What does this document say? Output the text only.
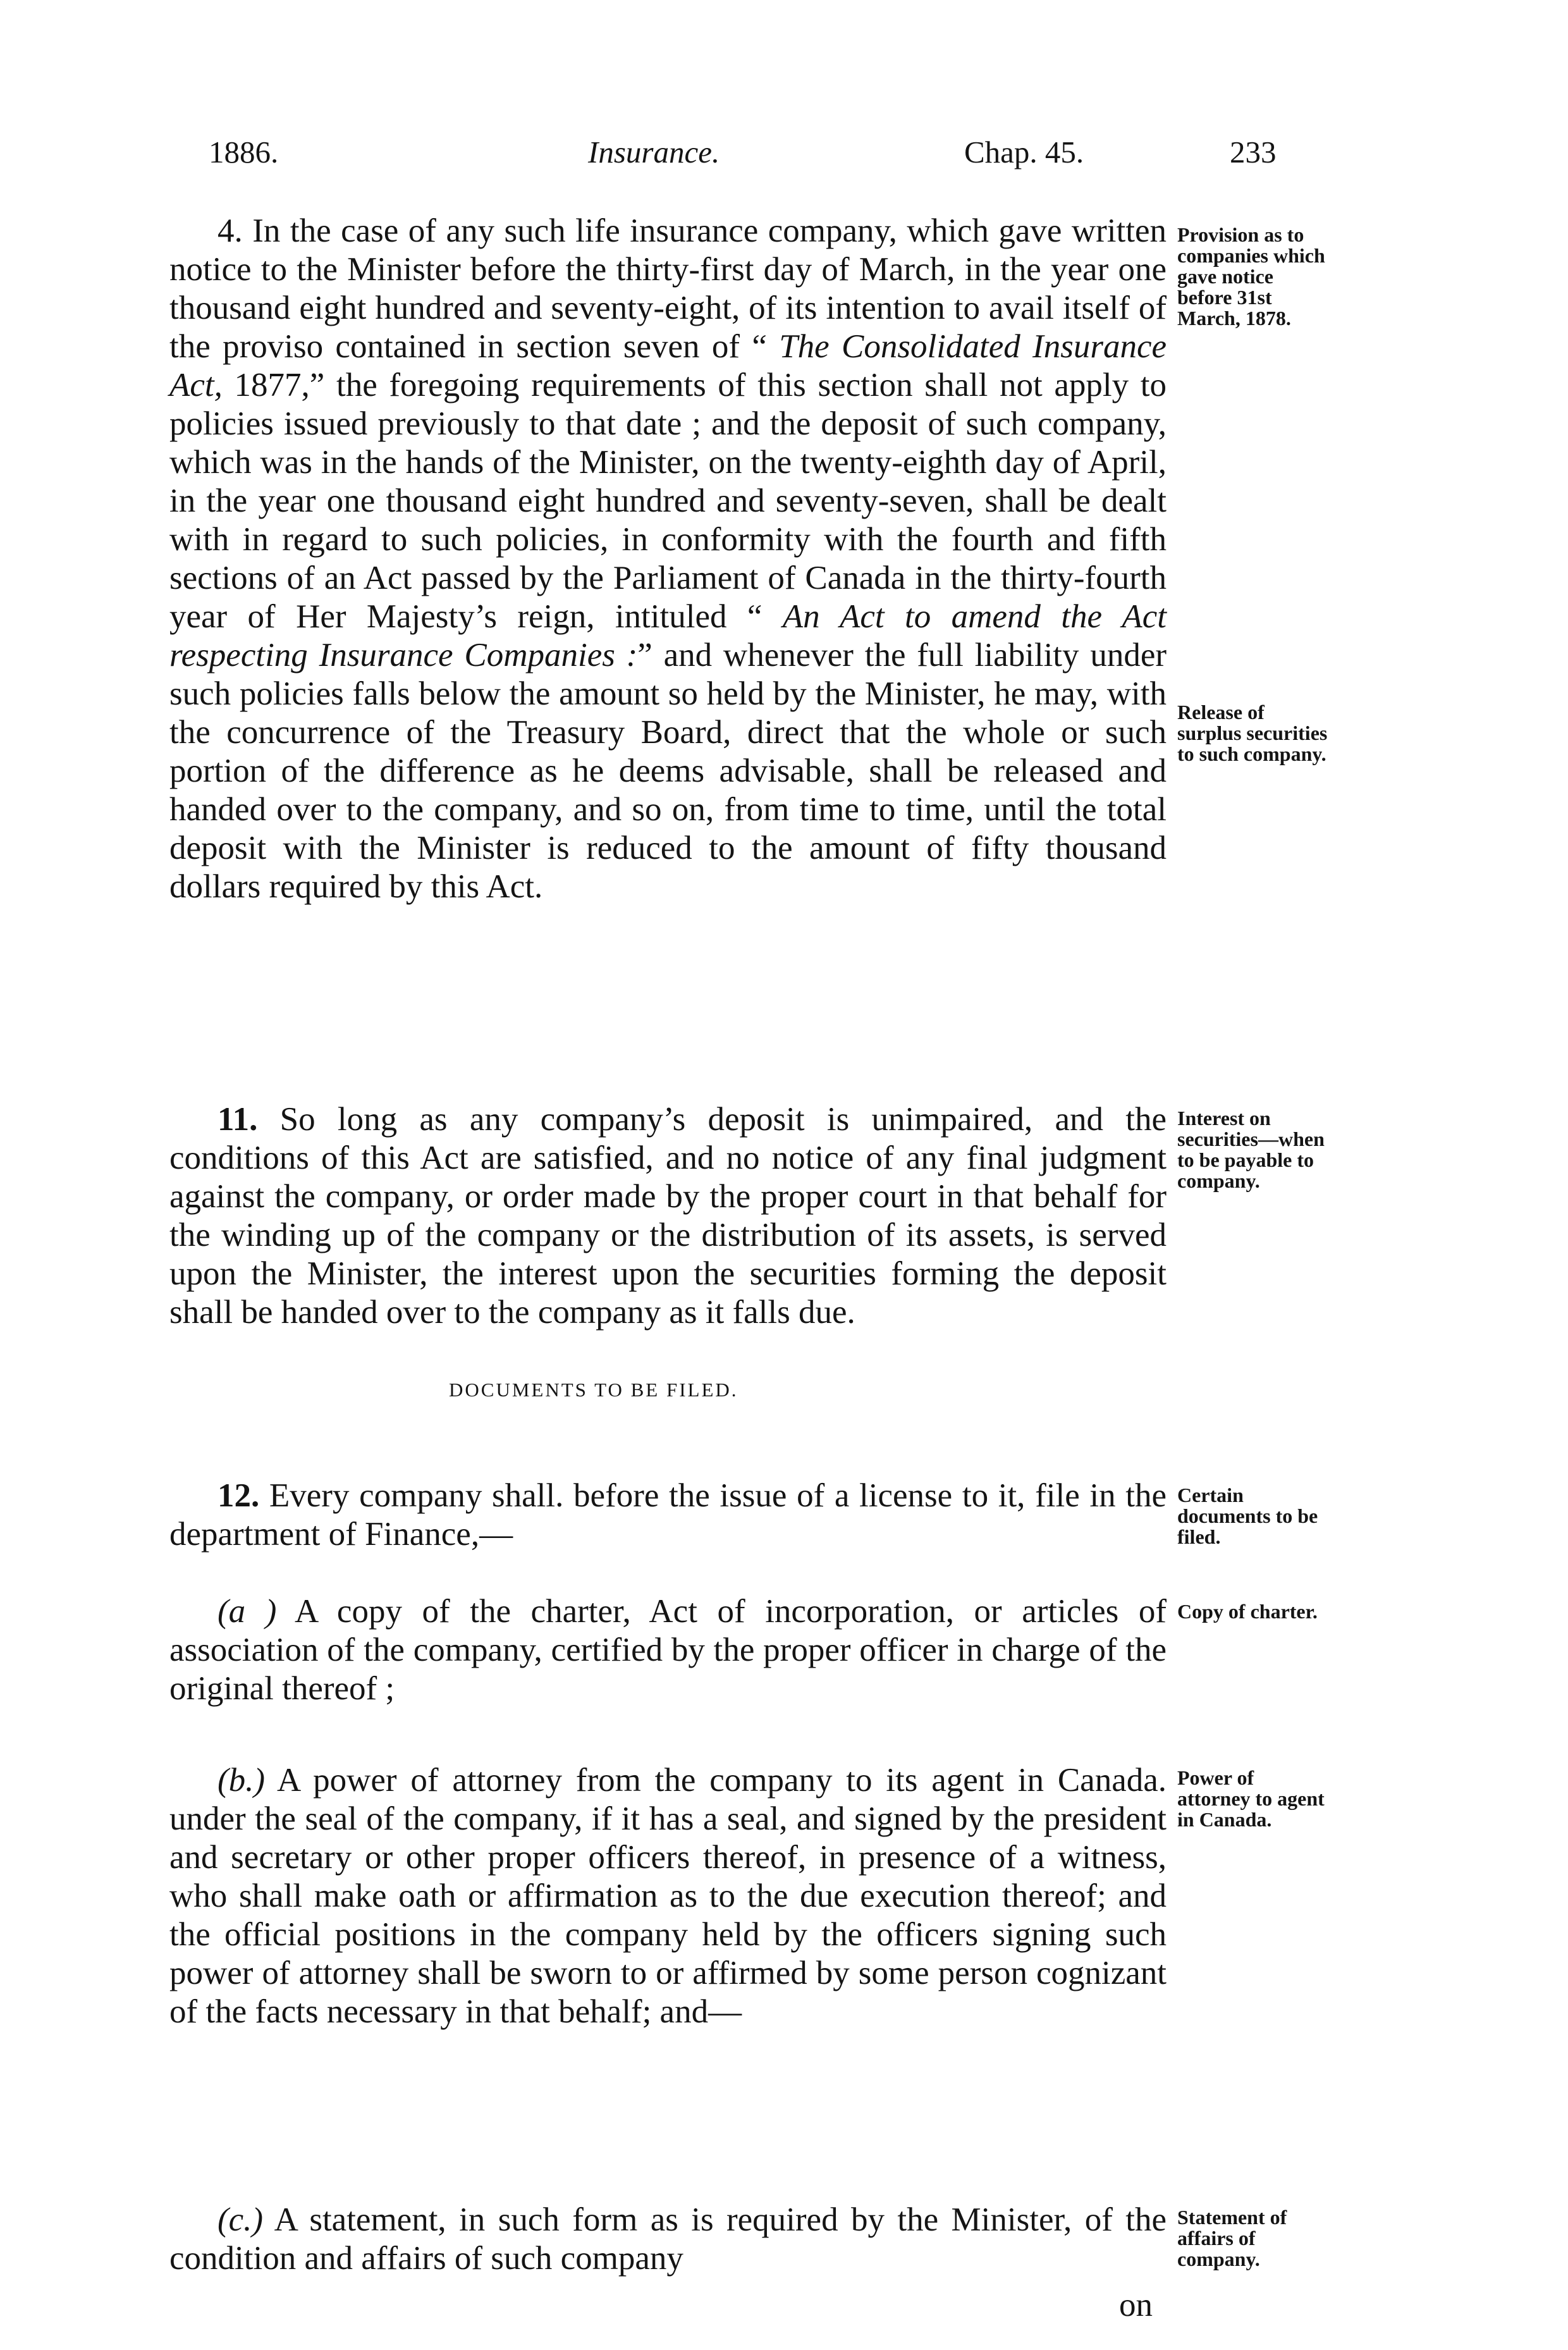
1886.	Insurance.	Chap. 45.	233

4. In the case of any such life insurance company, which gave written notice to the Minister before the thirty-first day of March, in the year one thousand eight hundred and seventy-eight, of its intention to avail itself of the proviso contained in section seven of “ The Consolidated Insurance Act, 1877,” the foregoing requirements of this section shall not apply to policies issued previously to that date ; and the deposit of such company, which was in the hands of the Minister, on the twenty-eighth day of April, in the year one thousand eight hundred and seventy-seven, shall be dealt with in regard to such policies, in conformity with the fourth and fifth sections of an Act passed by the Parliament of Canada in the thirty-fourth year of Her Majesty’s reign, intituled “ An Act to amend the Act respecting Insurance Companies :” and whenever the full liability under such policies falls below the amount so held by the Minister, he may, with the concurrence of the Treasury Board, direct that the whole or such portion of the difference as he deems advisable, shall be released and handed over to the company, and so on, from time to time, until the total deposit with the Minister is reduced to the amount of fifty thousand dollars required by this Act.

11. So long as any company’s deposit is unimpaired, and the conditions of this Act are satisfied, and no notice of any final judgment against the company, or order made by the proper court in that behalf for the winding up of the company or the distribution of its assets, is served upon the Minister, the interest upon the securities forming the deposit shall be handed over to the company as it falls due.

DOCUMENTS TO BE FILED.

12. Every company shall. before the issue of a license to it, file in the department of Finance,—

(a ) A copy of the charter, Act of incorporation, or articles of association of the company, certified by the proper officer in charge of the original thereof ;

(b.) A power of attorney from the company to its agent in Canada. under the seal of the company, if it has a seal, and signed by the president and secretary or other proper officers thereof, in presence of a witness, who shall make oath or affirmation as to the due execution thereof; and the official positions in the company held by the officers signing such power of attorney shall be sworn to or affirmed by some person cognizant of the facts necessary in that behalf; and—

(c.) A statement, in such form as is required by the Minister, of the condition and affairs of such company

on
Provision as to companies which gave notice before 31st March, 1878.
Release of surplus securities to such company.
Interest on securities—when to be payable to company.
Certain documents to be filed.
Copy of charter.
Power of attorney to agent in Canada.
Statement of affairs of company.
